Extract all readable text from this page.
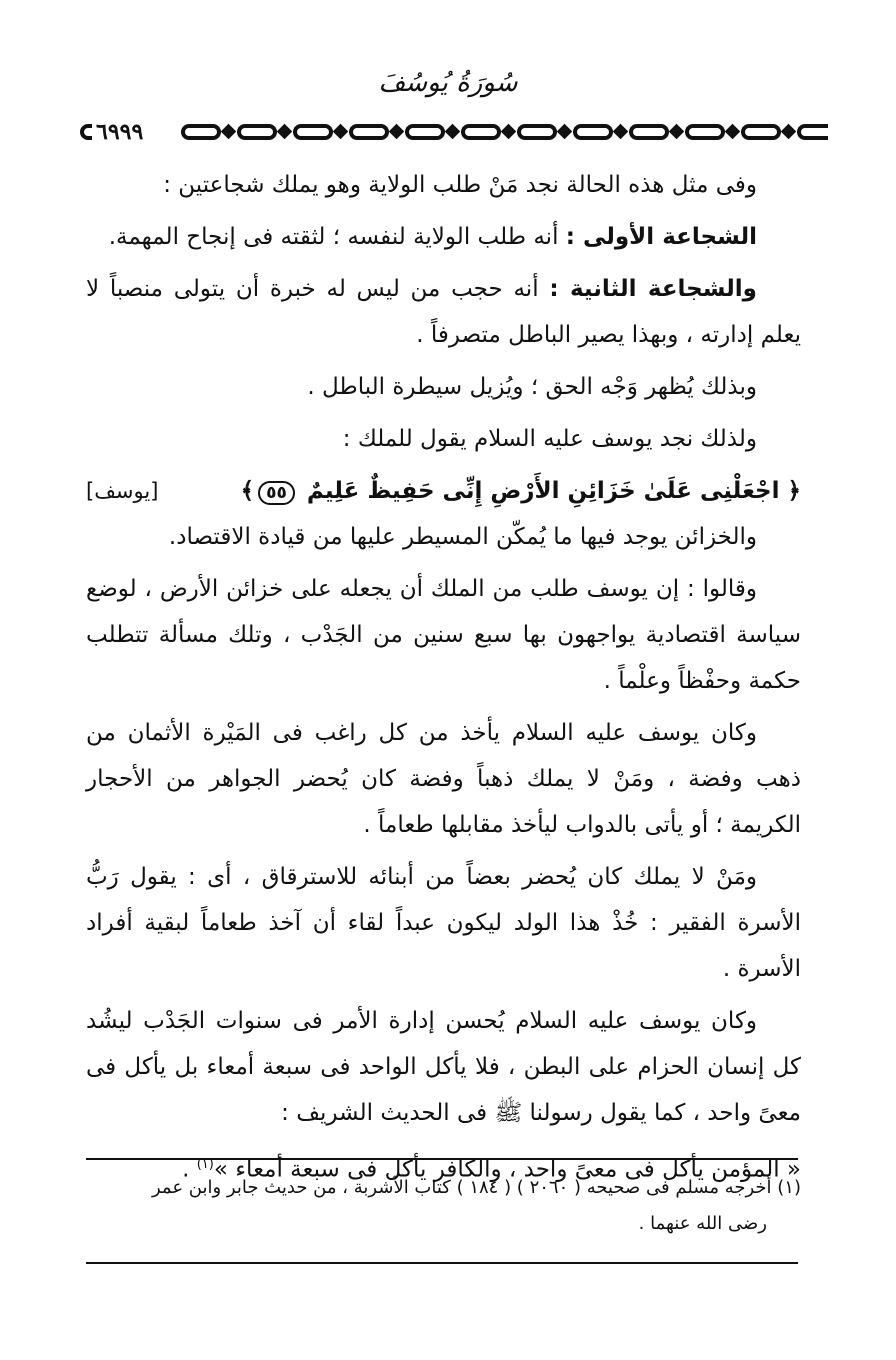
سُورَةُ يُوسُفَ
٦٩٩٩

وفى مثل هذه الحالة نجد مَنْ طلب الولاية وهو يملك شجاعتين :

الشجاعة الأولى : أنه طلب الولاية لنفسه ؛ لثقته فى إنجاح المهمة.

والشجاعة الثانية : أنه حجب من ليس له خبرة أن يتولى منصباً لا يعلم إدارته ، وبهذا يصير الباطل متصرفاً .

وبذلك يُظهر وَجْه الحق ؛ ويُزيل سيطرة الباطل .

ولذلك نجد يوسف عليه السلام يقول للملك :

﴿ اجْعَلْنِى عَلَىٰ خَزَائِنِ الأَرْضِ إِنِّى حَفِيظٌ عَلِيمٌ ٥٥﴾
[يوسف]

والخزائن يوجد فيها ما يُمكّن المسيطر عليها من قيادة الاقتصاد.

وقالوا : إن يوسف طلب من الملك أن يجعله على خزائن الأرض ، لوضع سياسة اقتصادية يواجهون بها سبع سنين من الجَدْب ، وتلك مسألة تتطلب حكمة وحفْظاً وعلْماً .

وكان يوسف عليه السلام يأخذ من كل راغب فى المَيْرة الأثمان من ذهب وفضة ، ومَنْ لا يملك ذهباً وفضة كان يُحضر الجواهر من الأحجار الكريمة ؛ أو يأتى بالدواب ليأخذ مقابلها طعاماً .

ومَنْ لا يملك كان يُحضر بعضاً من أبنائه للاسترقاق ، أى : يقول رَبُّ الأسرة الفقير : خُذْ هذا الولد ليكون عبداً لقاء أن آخذ طعاماً لبقية أفراد الأسرة .

وكان يوسف عليه السلام يُحسن إدارة الأمر فى سنوات الجَدْب ليشُد كل إنسان الحزام على البطن ، فلا يأكل الواحد فى سبعة أمعاء بل يأكل فى معىً واحد ، كما يقول رسولنا ﷺ فى الحديث الشريف :

« المؤمن يأكل فى معىً واحد ، والكافر يأكل فى سبعة أمعاء »$^{(١)}$ .

(١) أخرجه مسلم فى صحيحه ( ٢٠٦٠ ) ( ١٨٤ ) كتاب الأشربة ، من حديث جابر وابن عمر
رضى الله عنهما .
